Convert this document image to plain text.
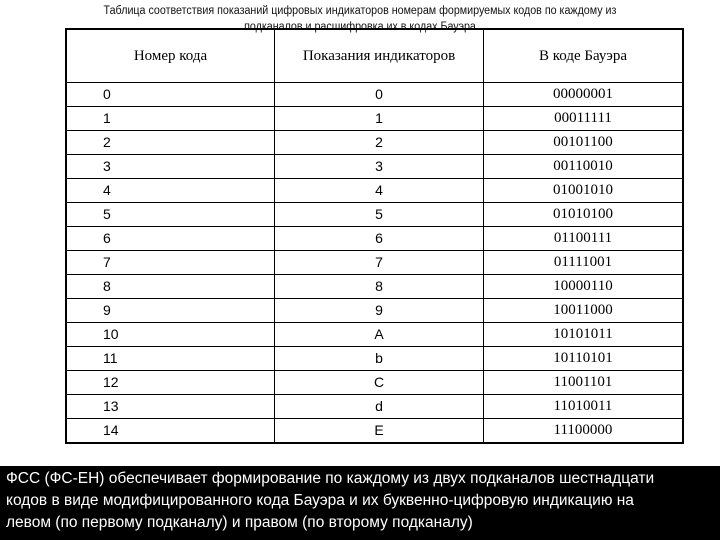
Таблица соответствия показаний цифровых индикаторов номерам формируемых кодов по каждому из
подканалов и расшифровка их в кодах Бауэра
Номер кода	Показания индикаторов	В коде Бауэра
0	0	00000001
1	1	00011111
2	2	00101100
3	3	00110010
4	4	01001010
5	5	01010100
6	6	01100111
7	7	01111001
8	8	10000110
9	9	10011000
10	A	10101011
11	b	10110101
12	C	11001101
13	d	11010011
14	E	11100000
ФСС (ФС-ЕН) обеспечивает формирование по каждому из двух подканалов шестнадцати
кодов в виде модифицированного кода Бауэра и их буквенно-цифровую индикацию на
левом (по первому подканалу) и правом (по второму подканалу)
